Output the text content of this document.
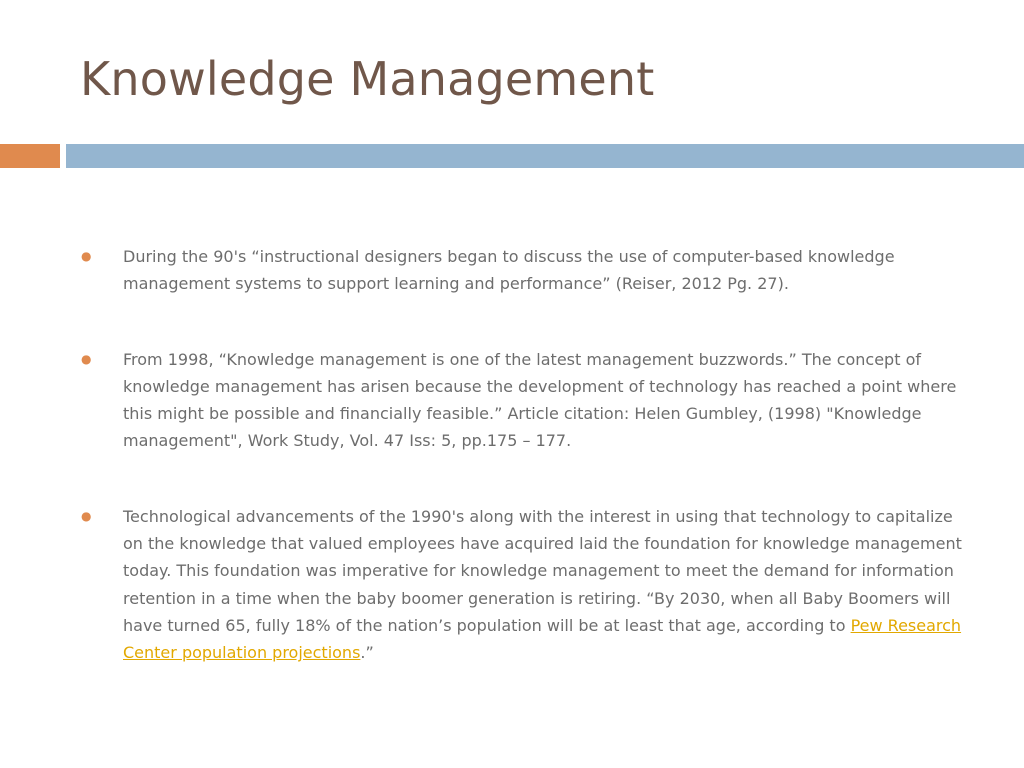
Knowledge Management
● During the 90's “instructional designers began to discuss the use of computer-based knowledge management systems to support learning and performance” (Reiser, 2012 Pg. 27).
● From 1998, “Knowledge management is one of the latest management buzzwords.” The concept of knowledge management has arisen because the development of technology has reached a point where this might be possible and financially feasible.” Article citation: Helen Gumbley, (1998) "Knowledge management", Work Study, Vol. 47 Iss: 5, pp.175 – 177.
● Technological advancements of the 1990's along with the interest in using that technology to capitalize on the knowledge that valued employees have acquired laid the foundation for knowledge management today. This foundation was imperative for knowledge management to meet the demand for information retention in a time when the baby boomer generation is retiring. “By 2030, when all Baby Boomers will have turned 65, fully 18% of the nation’s population will be at least that age, according to Pew Research Center population projections.”
